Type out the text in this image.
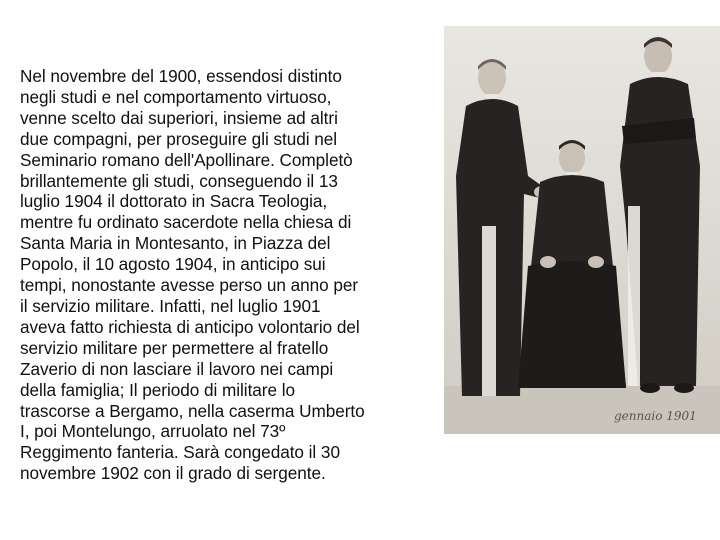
Nel novembre del 1900, essendosi distinto
negli studi e nel comportamento virtuoso,
venne scelto dai superiori, insieme ad altri
due compagni, per proseguire gli studi nel
Seminario romano dell'Apollinare. Completò
brillantemente gli studi, conseguendo il 13
luglio 1904 il dottorato in Sacra Teologia,
mentre fu ordinato sacerdote nella chiesa di
Santa Maria in Montesanto, in Piazza del
Popolo, il 10 agosto 1904, in anticipo sui
tempi, nonostante avesse perso un anno per
il servizio militare. Infatti, nel luglio 1901
aveva fatto richiesta di anticipo volontario del
servizio militare per permettere al fratello
Zaverio di non lasciare il lavoro nei campi
della famiglia; Il periodo di militare lo
trascorse a Bergamo, nella caserma Umberto
I, poi Montelungo, arruolato nel 73º
Reggimento fanteria. Sarà congedato il 30
novembre 1902 con il grado di sergente.
gennaio 1901
